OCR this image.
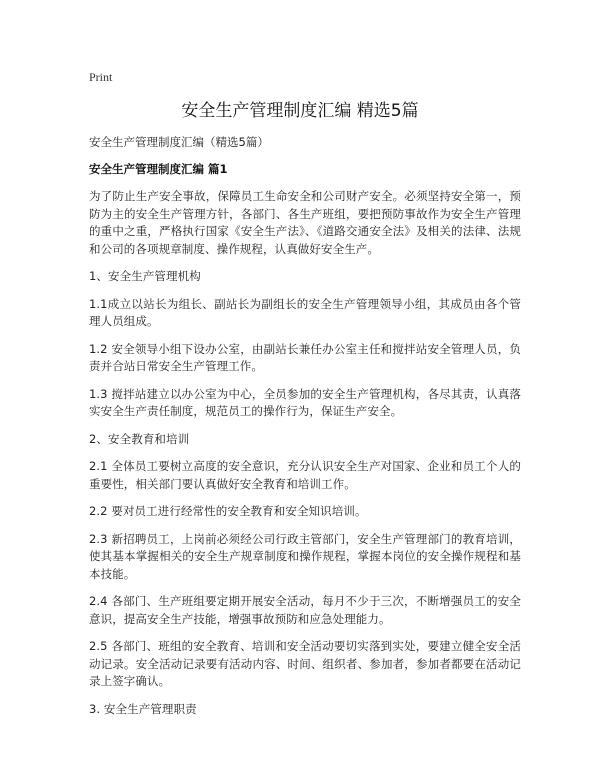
Print
安全生产管理制度汇编 精选5篇

安全生产管理制度汇编（精选5篇）

安全生产管理制度汇编 篇1

为了防止生产安全事故，保障员工生命安全和公司财产安全。必须坚持安全第一，预防为主的安全生产管理方针，各部门、各生产班组，要把预防事故作为安全生产管理的重中之重，严格执行国家《安全生产法》、《道路交通安全法》及相关的法律、法规和公司的各项规章制度、操作规程，认真做好安全生产。

1、安全生产管理机构

1.1成立以站长为组长、副站长为副组长的安全生产管理领导小组，其成员由各个管理人员组成。

1.2 安全领导小组下设办公室，由副站长兼任办公室主任和搅拌站安全管理人员，负责并合站日常安全生产管理工作。

1.3 搅拌站建立以办公室为中心，全员参加的安全生产管理机构，各尽其责，认真落实安全生产责任制度，规范员工的操作行为，保证生产安全。

2、安全教育和培训

2.1 全体员工要树立高度的安全意识，充分认识安全生产对国家、企业和员工个人的重要性，相关部门要认真做好安全教育和培训工作。

2.2 要对员工进行经常性的安全教育和安全知识培训。

2.3 新招聘员工，上岗前必须经公司行政主管部门，安全生产管理部门的教育培训，使其基本掌握相关的安全生产规章制度和操作规程，掌握本岗位的安全操作规程和基本技能。

2.4 各部门、生产班组要定期开展安全活动，每月不少于三次，不断增强员工的安全意识，提高安全生产技能，增强事故预防和应急处理能力。

2.5 各部门、班组的安全教育、培训和安全活动要切实落到实处，要建立健全安全活动记录。安全活动记录要有活动内容、时间、组织者、参加者，参加者都要在活动记录上签字确认。

3. 安全生产管理职责
